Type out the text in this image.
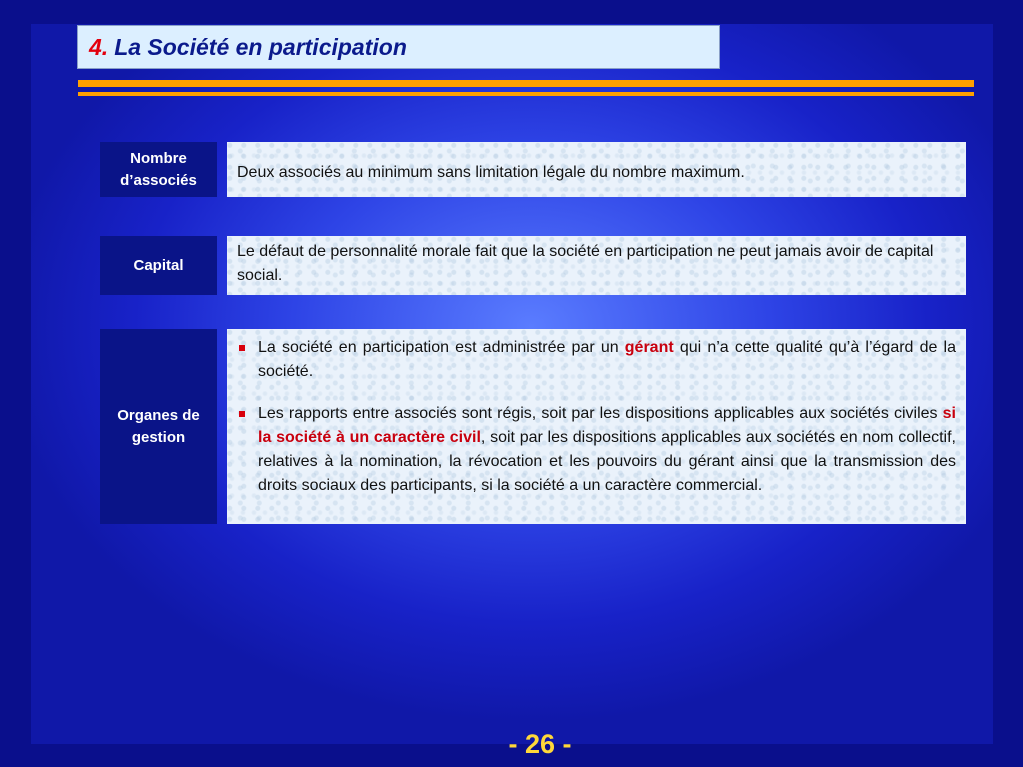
4. La Société en participation
Nombre d’associés	Deux associés au minimum sans limitation légale du nombre maximum.
Capital
Le défaut de personnalité morale fait que la société en participation ne peut jamais avoir de capital social.
Organes de gestion
La société en participation est administrée par un gérant qui n’a cette qualité qu’à l’égard de la société.
Les rapports entre associés sont régis, soit par les dispositions applicables aux sociétés civiles si la société à un caractère civil, soit par les dispositions applicables aux sociétés en nom collectif, relatives à la nomination, la révocation et les pouvoirs du gérant ainsi que la transmission des droits sociaux des participants, si la société a un caractère commercial.
- 26 -
